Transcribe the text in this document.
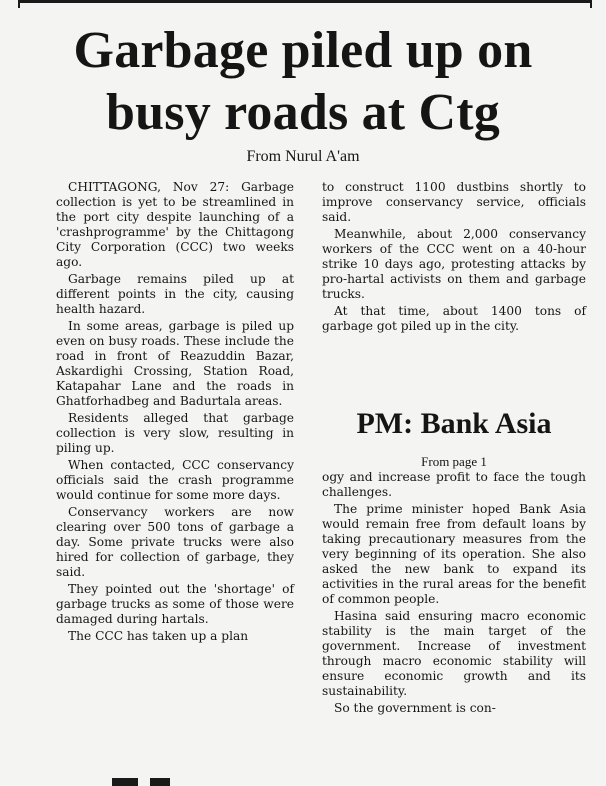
Garbage piled up on
busy roads at Ctg

From Nurul A'am

CHITTAGONG, Nov 27: Garbage collection is yet to be streamlined in the port city despite launching of a 'crashprogramme' by the Chittagong City Corporation (CCC) two weeks ago.

Garbage remains piled up at different points in the city, causing health hazard.

In some areas, garbage is piled up even on busy roads. These include the road in front of Reazuddin Bazar, Askardighi Crossing, Station Road, Katapahar Lane and the roads in Ghatforhadbeg and Badurtala areas.

Residents alleged that garbage collection is very slow, resulting in piling up.

When contacted, CCC conservancy officials said the crash programme would continue for some more days.

Conservancy workers are now clearing over 500 tons of garbage a day. Some private trucks were also hired for collection of garbage, they said.

They pointed out the 'shortage' of garbage trucks as some of those were damaged during hartals.

The CCC has taken up a plan

to construct 1100 dustbins shortly to improve conservancy service, officials said.

Meanwhile, about 2,000 conservancy workers of the CCC went on a 40-hour strike 10 days ago, protesting attacks by pro-hartal activists on them and garbage trucks.

At that time, about 1400 tons of garbage got piled up in the city.

PM: Bank Asia

From page 1

ogy and increase profit to face the tough challenges.

The prime minister hoped Bank Asia would remain free from default loans by taking precautionary measures from the very beginning of its operation. She also asked the new bank to expand its activities in the rural areas for the benefit of common people.

Hasina said ensuring macro economic stability is the main target of the government. Increase of investment through macro economic stability will ensure economic growth and its sustainability.

So the government is con-
